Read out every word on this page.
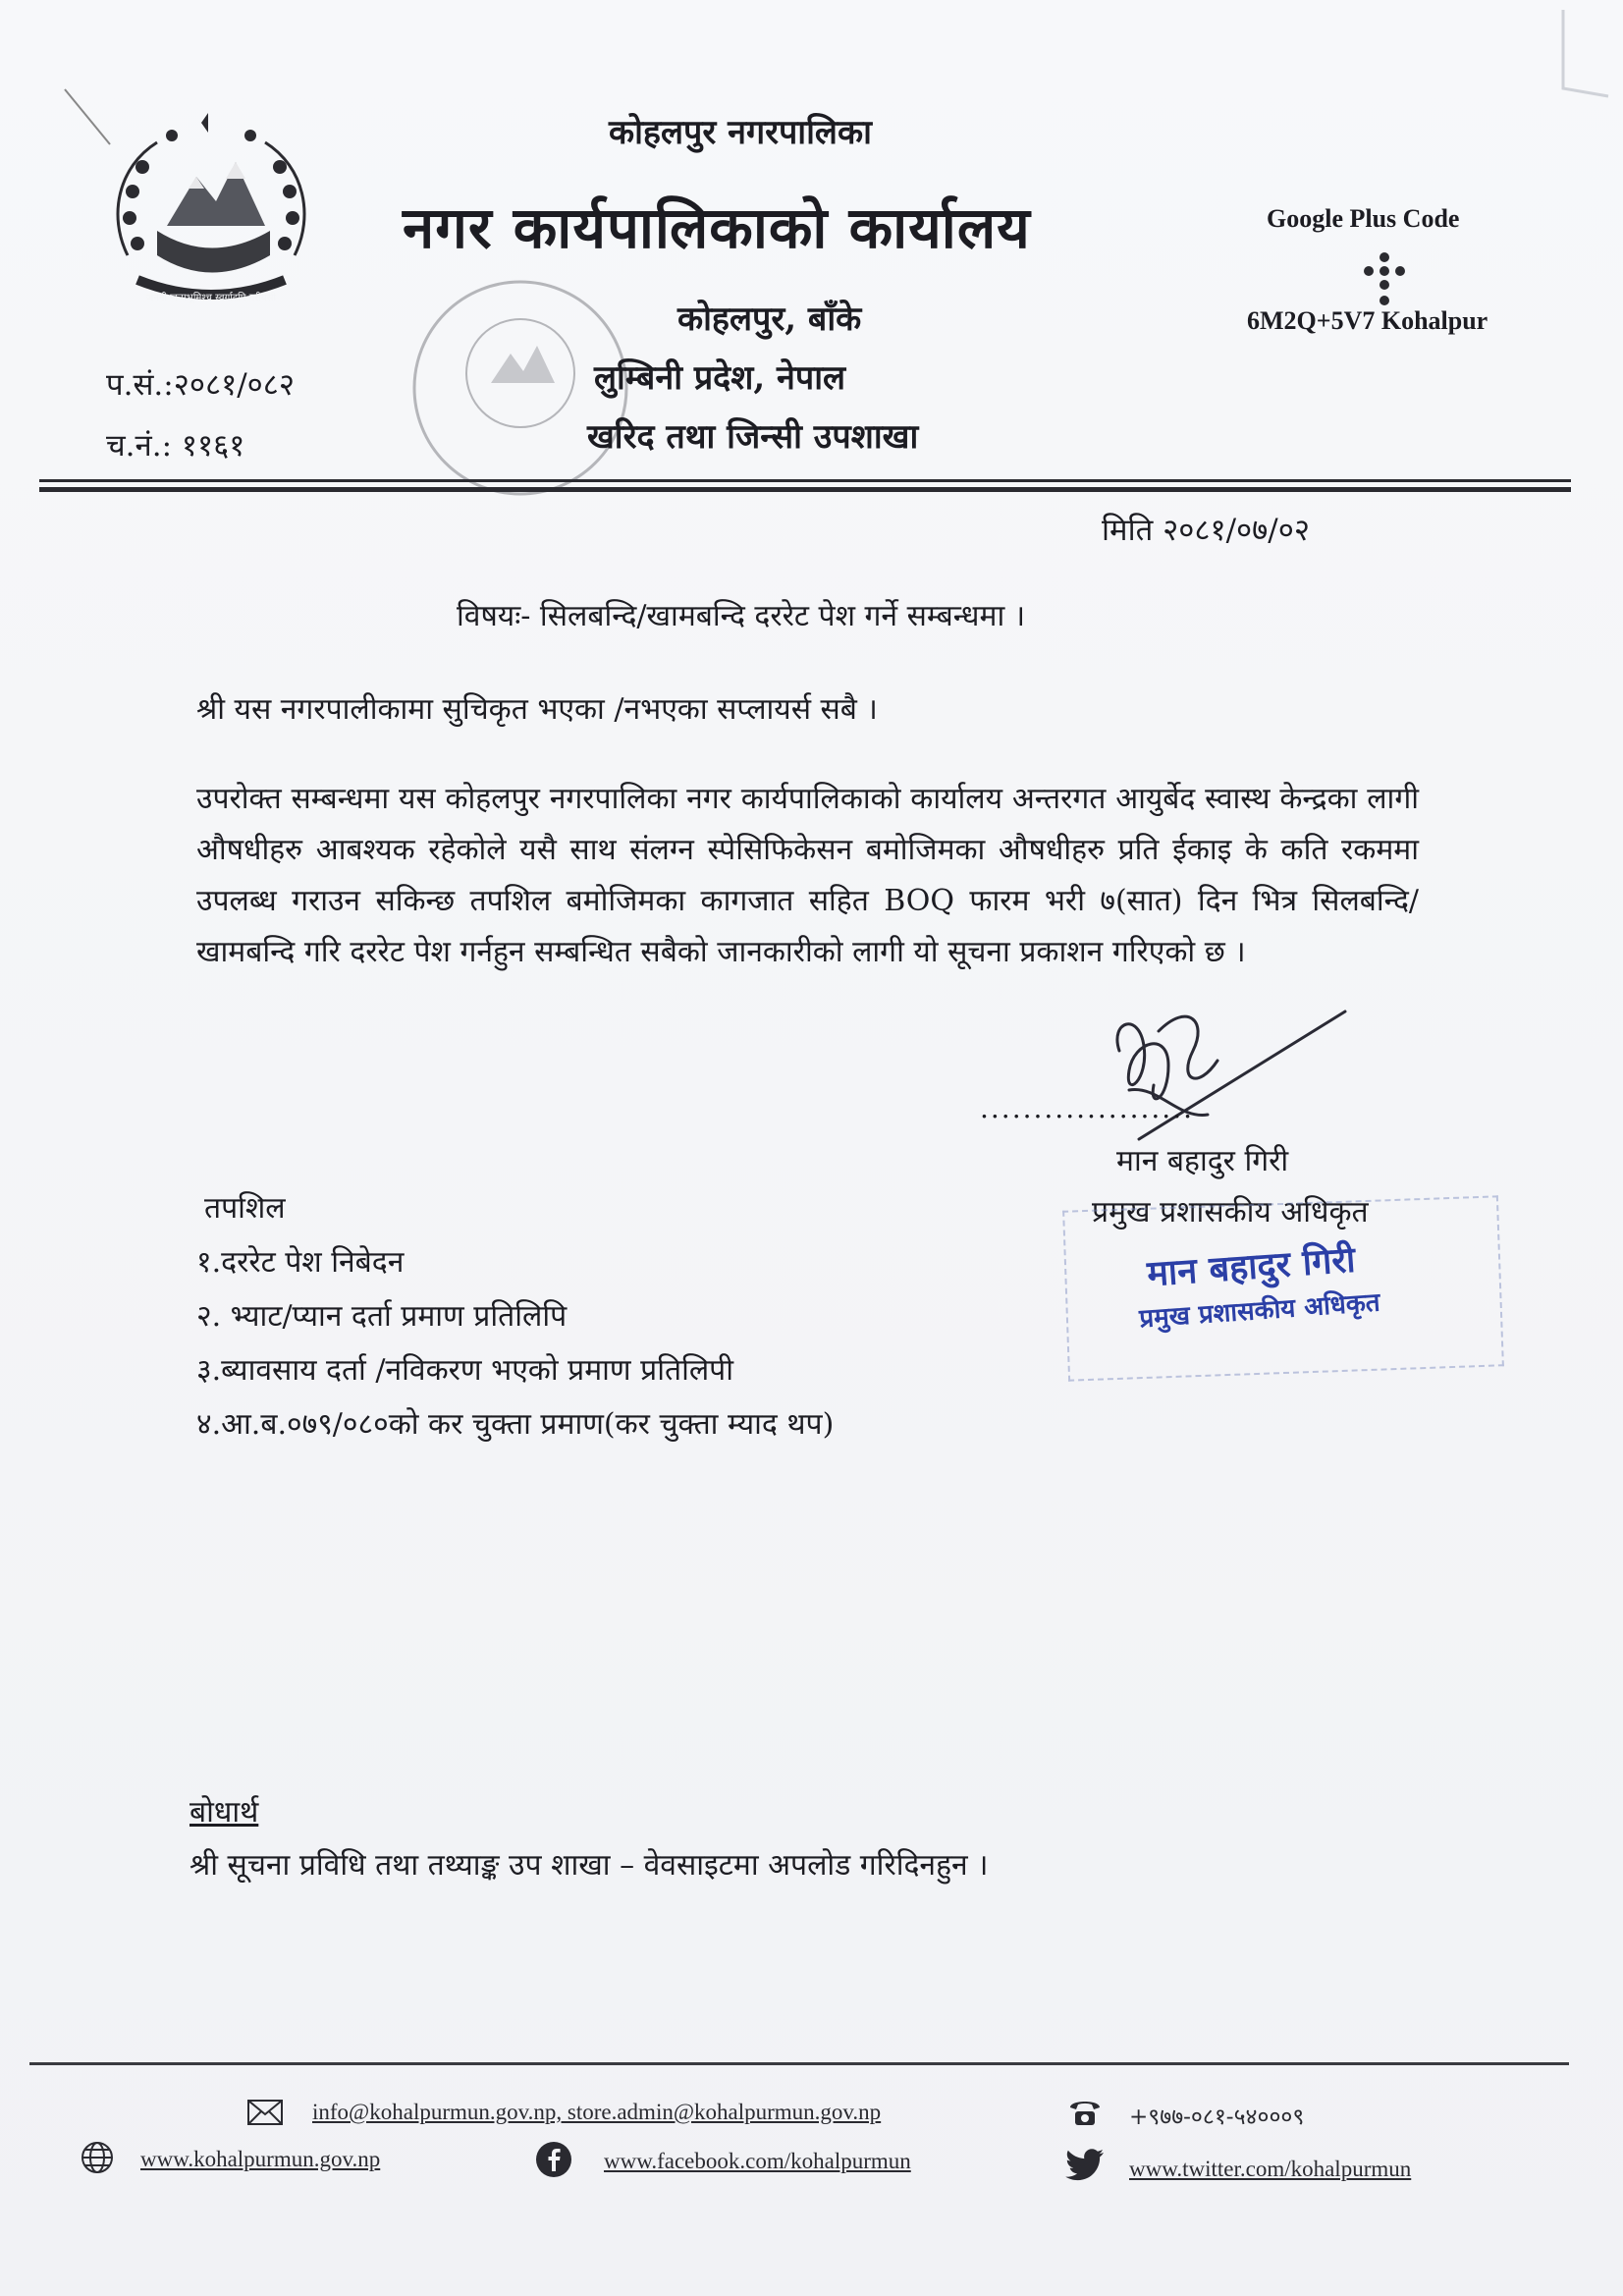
जननी जन्मभूमिश्च स्वर्गादपि गरीयसी
कोहलपुर नगरपालिका
नगर कार्यपालिकाको कार्यालय
कोहलपुर, बाँके
लुम्बिनी प्रदेश, नेपाल
खरिद तथा जिन्सी उपशाखा
Google Plus Code
6M2Q+5V7 Kohalpur
प.सं.:२०८१/०८२
च.नं.: ११६१
मिति २०८१/०७/०२
विषयः- सिलबन्दि/खामबन्दि दररेट पेश गर्ने सम्बन्धमा ।
श्री यस नगरपालीकामा सुचिकृत भएका /नभएका सप्लायर्स सबै ।
उपरोक्त सम्बन्धमा यस कोहलपुर नगरपालिका नगर कार्यपालिकाको कार्यालय अन्तरगत आयुर्बेद स्वास्थ केन्द्रका लागी औषधीहरु आबश्यक रहेकोले यसै साथ संलग्न स्पेसिफिकेसन बमोजिमका औषधीहरु प्रति ईकाइ के कति रकममा उपलब्ध गराउन सकिन्छ तपशिल बमोजिमका कागजात सहित BOQ फारम भरी ७(सात) दिन भित्र सिलबन्दि/खामबन्दि गरि दररेट पेश गर्नहुन सम्बन्धित सबैको जानकारीको लागी यो सूचना प्रकाशन गरिएको छ ।
....................
मान बहादुर गिरी
प्रमुख प्रशासकीय अधिकृत
मान बहादुर गिरी
प्रमुख प्रशासकीय अधिकृत
तपशिल
१.दररेट पेश निबेदन
२. भ्याट/प्यान दर्ता प्रमाण प्रतिलिपि
३.ब्यावसाय दर्ता /नविकरण भएको प्रमाण प्रतिलिपी
४.आ.ब.०७९/०८०को कर चुक्ता प्रमाण(कर चुक्ता म्याद थप)
बोधार्थ
श्री सूचना प्रविधि तथा तथ्याङ्क उप शाखा – वेवसाइटमा अपलोड गरिदिनहुन ।
info@kohalpurmun.gov.np, store.admin@kohalpurmun.gov.np
www.kohalpurmun.gov.np	www.facebook.com/kohalpurmun
+९७७-०८१-५४०००९
www.twitter.com/kohalpurmun
